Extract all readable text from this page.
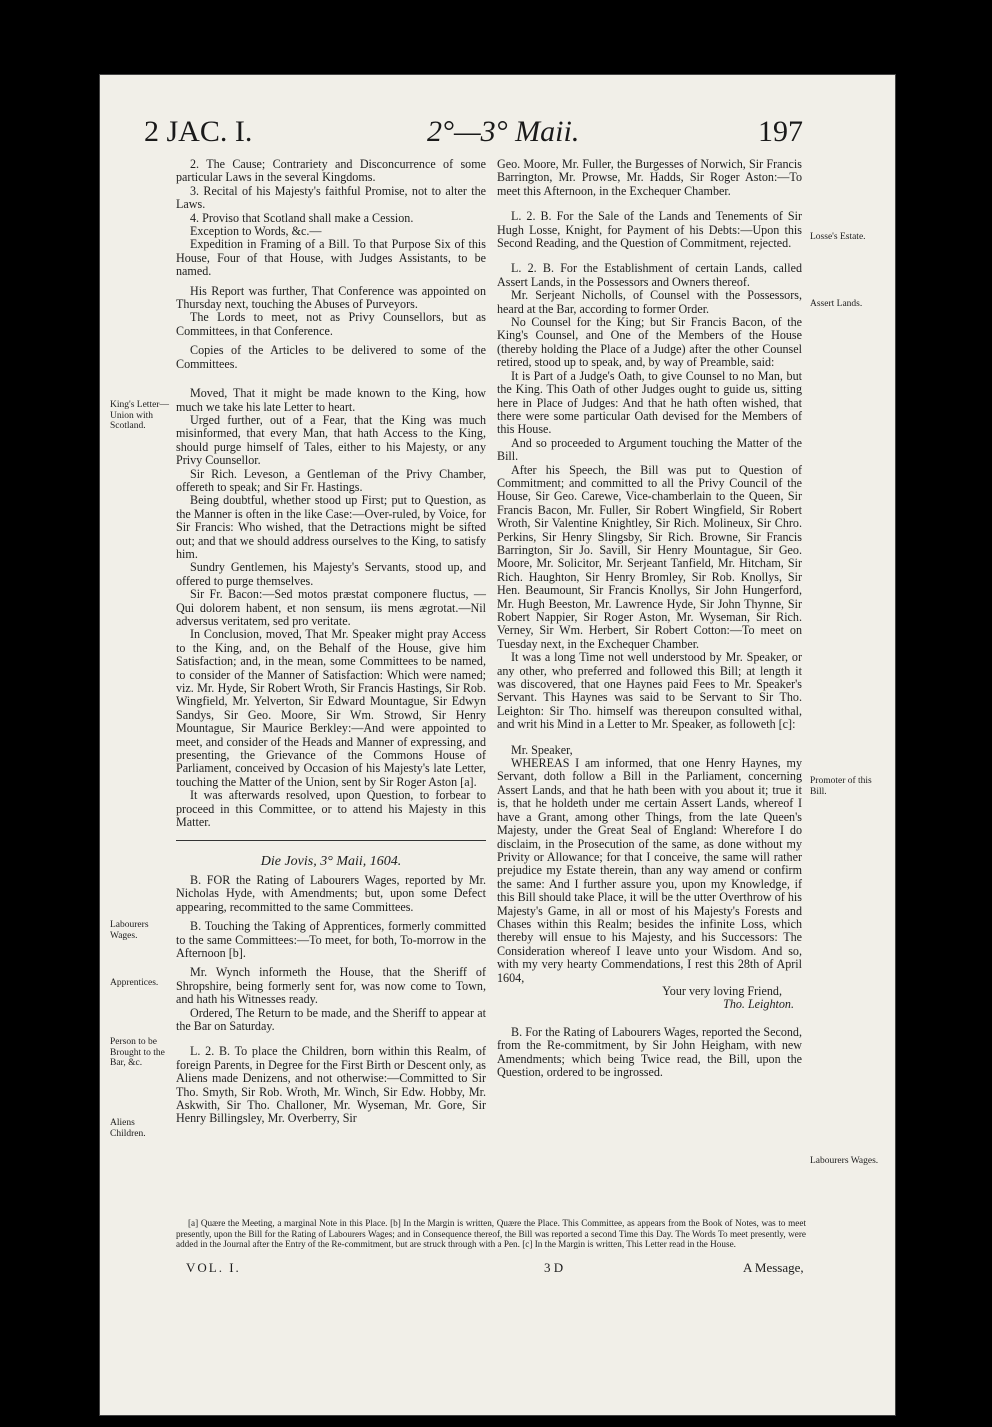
2 JAC. I.	2°—3° Maii.	197
King's Letter—Union with Scotland.
Labourers Wages.
Apprentices.
Person to be Brought to the Bar, &c.
Aliens Children.
Losse's Estate.
Assert Lands.
Promoter of this Bill.
Labourers Wages.

2. The Cause; Contrariety and Disconcurrence of some particular Laws in the several Kingdoms.

3. Recital of his Majesty's faithful Promise, not to alter the Laws.

4. Proviso that Scotland shall make a Cession.

Exception to Words, &c.—

Expedition in Framing of a Bill. To that Purpose Six of this House, Four of that House, with Judges Assistants, to be named.

His Report was further, That Conference was appointed on Thursday next, touching the Abuses of Purveyors.

The Lords to meet, not as Privy Counsellors, but as Committees, in that Conference.

Copies of the Articles to be delivered to some of the Committees.

Moved, That it might be made known to the King, how much we take his late Letter to heart.

Urged further, out of a Fear, that the King was much misinformed, that every Man, that hath Access to the King, should purge himself of Tales, either to his Majesty, or any Privy Counsellor.

Sir Rich. Leveson, a Gentleman of the Privy Chamber, offereth to speak; and Sir Fr. Hastings.

Being doubtful, whether stood up First; put to Question, as the Manner is often in the like Case:—Over-ruled, by Voice, for Sir Francis: Who wished, that the Detractions might be sifted out; and that we should address ourselves to the King, to satisfy him.

Sundry Gentlemen, his Majesty's Servants, stood up, and offered to purge themselves.

Sir Fr. Bacon:—Sed motos præstat componere fluctus, —Qui dolorem habent, et non sensum, iis mens ægrotat.—Nil adversus veritatem, sed pro veritate.

In Conclusion, moved, That Mr. Speaker might pray Access to the King, and, on the Behalf of the House, give him Satisfaction; and, in the mean, some Committees to be named, to consider of the Manner of Satisfaction: Which were named; viz. Mr. Hyde, Sir Robert Wroth, Sir Francis Hastings, Sir Rob. Wingfield, Mr. Yelverton, Sir Edward Mountague, Sir Edwyn Sandys, Sir Geo. Moore, Sir Wm. Strowd, Sir Henry Mountague, Sir Maurice Berkley:—And were appointed to meet, and consider of the Heads and Manner of expressing, and presenting, the Grievance of the Commons House of Parliament, conceived by Occasion of his Majesty's late Letter, touching the Matter of the Union, sent by Sir Roger Aston [a].

It was afterwards resolved, upon Question, to forbear to proceed in this Committee, or to attend his Majesty in this Matter.

Die Jovis, 3° Maii, 1604.

B. FOR the Rating of Labourers Wages, reported by Mr. Nicholas Hyde, with Amendments; but, upon some Defect appearing, recommitted to the same Committees.

B. Touching the Taking of Apprentices, formerly committed to the same Committees:—To meet, for both, To-morrow in the Afternoon [b].

Mr. Wynch informeth the House, that the Sheriff of Shropshire, being formerly sent for, was now come to Town, and hath his Witnesses ready.

Ordered, The Return to be made, and the Sheriff to appear at the Bar on Saturday.

L. 2. B. To place the Children, born within this Realm, of foreign Parents, in Degree for the First Birth or Descent only, as Aliens made Denizens, and not otherwise:—Committed to Sir Tho. Smyth, Sir Rob. Wroth, Mr. Winch, Sir Edw. Hobby, Mr. Askwith, Sir Tho. Challoner, Mr. Wyseman, Mr. Gore, Sir Henry Billingsley, Mr. Overberry, Sir

Geo. Moore, Mr. Fuller, the Burgesses of Norwich, Sir Francis Barrington, Mr. Prowse, Mr. Hadds, Sir Roger Aston:—To meet this Afternoon, in the Exchequer Chamber.

L. 2. B. For the Sale of the Lands and Tenements of Sir Hugh Losse, Knight, for Payment of his Debts:—Upon this Second Reading, and the Question of Commitment, rejected.

L. 2. B. For the Establishment of certain Lands, called Assert Lands, in the Possessors and Owners thereof.

Mr. Serjeant Nicholls, of Counsel with the Possessors, heard at the Bar, according to former Order.

No Counsel for the King; but Sir Francis Bacon, of the King's Counsel, and One of the Members of the House (thereby holding the Place of a Judge) after the other Counsel retired, stood up to speak, and, by way of Preamble, said:

It is Part of a Judge's Oath, to give Counsel to no Man, but the King. This Oath of other Judges ought to guide us, sitting here in Place of Judges: And that he hath often wished, that there were some particular Oath devised for the Members of this House.

And so proceeded to Argument touching the Matter of the Bill.

After his Speech, the Bill was put to Question of Commitment; and committed to all the Privy Council of the House, Sir Geo. Carewe, Vice-chamberlain to the Queen, Sir Francis Bacon, Mr. Fuller, Sir Robert Wingfield, Sir Robert Wroth, Sir Valentine Knightley, Sir Rich. Molineux, Sir Chro. Perkins, Sir Henry Slingsby, Sir Rich. Browne, Sir Francis Barrington, Sir Jo. Savill, Sir Henry Mountague, Sir Geo. Moore, Mr. Solicitor, Mr. Serjeant Tanfield, Mr. Hitcham, Sir Rich. Haughton, Sir Henry Bromley, Sir Rob. Knollys, Sir Hen. Beaumount, Sir Francis Knollys, Sir John Hungerford, Mr. Hugh Beeston, Mr. Lawrence Hyde, Sir John Thynne, Sir Robert Nappier, Sir Roger Aston, Mr. Wyseman, Sir Rich. Verney, Sir Wm. Herbert, Sir Robert Cotton:—To meet on Tuesday next, in the Exchequer Chamber.

It was a long Time not well understood by Mr. Speaker, or any other, who preferred and followed this Bill; at length it was discovered, that one Haynes paid Fees to Mr. Speaker's Servant. This Haynes was said to be Servant to Sir Tho. Leighton: Sir Tho. himself was thereupon consulted withal, and writ his Mind in a Letter to Mr. Speaker, as followeth [c]:

Mr. Speaker,

WHEREAS I am informed, that one Henry Haynes, my Servant, doth follow a Bill in the Parliament, concerning Assert Lands, and that he hath been with you about it; true it is, that he holdeth under me certain Assert Lands, whereof I have a Grant, among other Things, from the late Queen's Majesty, under the Great Seal of England: Wherefore I do disclaim, in the Prosecution of the same, as done without my Privity or Allowance; for that I conceive, the same will rather prejudice my Estate therein, than any way amend or confirm the same: And I further assure you, upon my Knowledge, if this Bill should take Place, it will be the utter Overthrow of his Majesty's Game, in all or most of his Majesty's Forests and Chases within this Realm; besides the infinite Loss, which thereby will ensue to his Majesty, and his Successors: The Consideration whereof I leave unto your Wisdom. And so, with my very hearty Commendations, I rest this 28th of April 1604,

Your very loving Friend,

Tho. Leighton.

B. For the Rating of Labourers Wages, reported the Second, from the Re-commitment, by Sir John Heigham, with new Amendments; which being Twice read, the Bill, upon the Question, ordered to be ingrossed.

[a] Quære the Meeting, a marginal Note in this Place. [b] In the Margin is written, Quære the Place. This Committee, as appears from the Book of Notes, was to meet presently, upon the Bill for the Rating of Labourers Wages; and in Consequence thereof, the Bill was reported a second Time this Day. The Words To meet presently, were added in the Journal after the Entry of the Re-commitment, but are struck through with a Pen. [c] In the Margin is written, This Letter read in the House.

VOL. I.	3 D	A Message,
